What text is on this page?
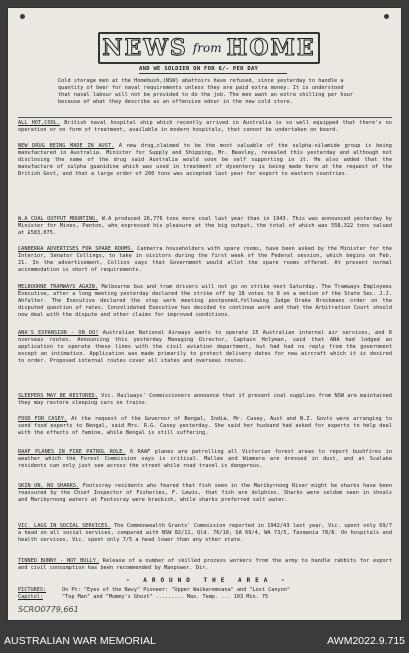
NEWS from HOME
AND WE SOLDIER ON FOR 6/- PER DAY
Cold storage men at the Homebush,(NSW) abattoirs have refused, since yesterday to handle a quantity of beer for naval requirements unless they are paid extra money. It is understood that naval labour will not be provided to do the job. The men want an extra shilling per hour because of what they describe as an offensive odour in the new cold store.
ALL HOT,COOL. British naval hospital ship which recently arrived in Australia is so well equipped that there's no operation or no form of treatment, available in modern hospitals, that cannot be undertaken on board.
NEW DRUG BEING MADE IN AUST. A new drug,claimed to be the most valuable of the sulpha-nilamide group is being manufactured in Australia. Minister for Supply and Shipping, Mr. Beasley, revealed this yesterday and although not disclosing the name of the drug said Australia would soon be self supporting in it. He also added that the manufacture of sulpha guanidine which was used in treatment of dysentery is being made here at the request of the British Govt, and that a large order of 200 tons was accepted last year for export to eastern countries.
W.A COAL OUTPUT MOUNTING. W.A produced 26,776 tons more coal last year than in 1943. This was announced yesterday by Minister for Mines, Panton, who expressed his pleasure at the big output, the total of which was 558,322 tons valued at £583,075.
CANBERRA ADVERTISES FOR SPARE ROOMS. Canberra householders with spare rooms, have been asked by the Minister for the Interior, Senator Collings, to take in visitors during the first week of the Federal session, which begins on Feb. 21. In the advertisement, Collins says that Government would allot the spare rooms offered. At present normal accommodation is short of requirements.
MELBOURNE TRAMWAYS AGAIN. Melbourne bus and tram drivers will not go on strike next Saturday. The Tramways Employees Executive, after a long meeting yesterday declared the strike off by 18 votes to 8 on a motion of the State Sec. J.J. Ahfalter. The Executive declared the stop work meeting postponed,following Judge Drake Brockmans order on the disputed question of rates. Consolidated Executive has decided to continue work and that the Arbitration Court should now deal with the dispute and other claims for improved conditions.
ANA'S EXPANSION - ON DO! Australian National Airways wants to operate 15 Australian internal air services, and 8 overseas routes. Announcing this yesterday Managing Director, Captain Holyman, said that ANA had lodged an application to operate these lines with the civil aviation department, but had had no reply from the government except an intimation. Application was made primarily to protect delivery dates for new aircraft which it is desired to order. Proposed internal routes cover all states and overseas routes.
SLEEPERS MAY BE RESTORED. Vic. Railways' Commissioners announce that if present coal supplies from NSW are maintained they may restore sleeping cars on trains.
FOOD FOR CASEY. At the request of the Governor of Bengal, India, Mr. Casey, Aust and N.Z. Govts were arranging to send food experts to Bengal, said Mrs. R.G. Casey yesterday. She said her husband had asked for experts to help deal with the effects of famine, while Bengal is still suffering.
RAAF PLANES IN FIRE PATROL ROLE. 6 RAAF planes are patrolling all Victorian forest areas to report bushfires in weather which the Forest Commission says is critical. Mallee and Wimmera are dressed in dust, and at Scalake residents can only just see across the street while road travel is dangerous.
SKIN ON, NO SHARKS. Footscray residents who feared that fish seen in the Maribyrnong River might be sharks have been reassured by the Chief Inspector of Fisheries, F. Lewis, that fish are dolphins. Sharks were seldom seen in shoals and Maribyrnong waters at Footscray were brackish, while sharks preferred salt water.
VIC. LAGS IN SOCIAL SERVICES. The Commonwealth Grants' Commission reported in 1942/43 last year, Vic. spent only 69/7 a head on all social services, compared with NSW 82/11, Qld. 76/10, SA 69/4, WA 73/5, Tasmania 78/8. On hospitals and health services, Vic. spent only 7/5 a head lower than any other state.
TINNED BUNNY - NOT BULLY. Release of a number of skilled process workers from the army to handle rabbits for export and civil consumption has been recommended by Manpower. Dir.
- AROUND THE AREA -
PICTURES:	On Pt: "Eyes of the Navy" Pioneer: "Upper Waikaremoana" and "Lost Canyon"
Capitol:	"Top Man" and "Mummy's Ghost" ......... Max. Temp. ... 103 Min. 75
SCRO0779,661
AUSTRALIAN WAR MEMORIAL	AWM2022.9.715
